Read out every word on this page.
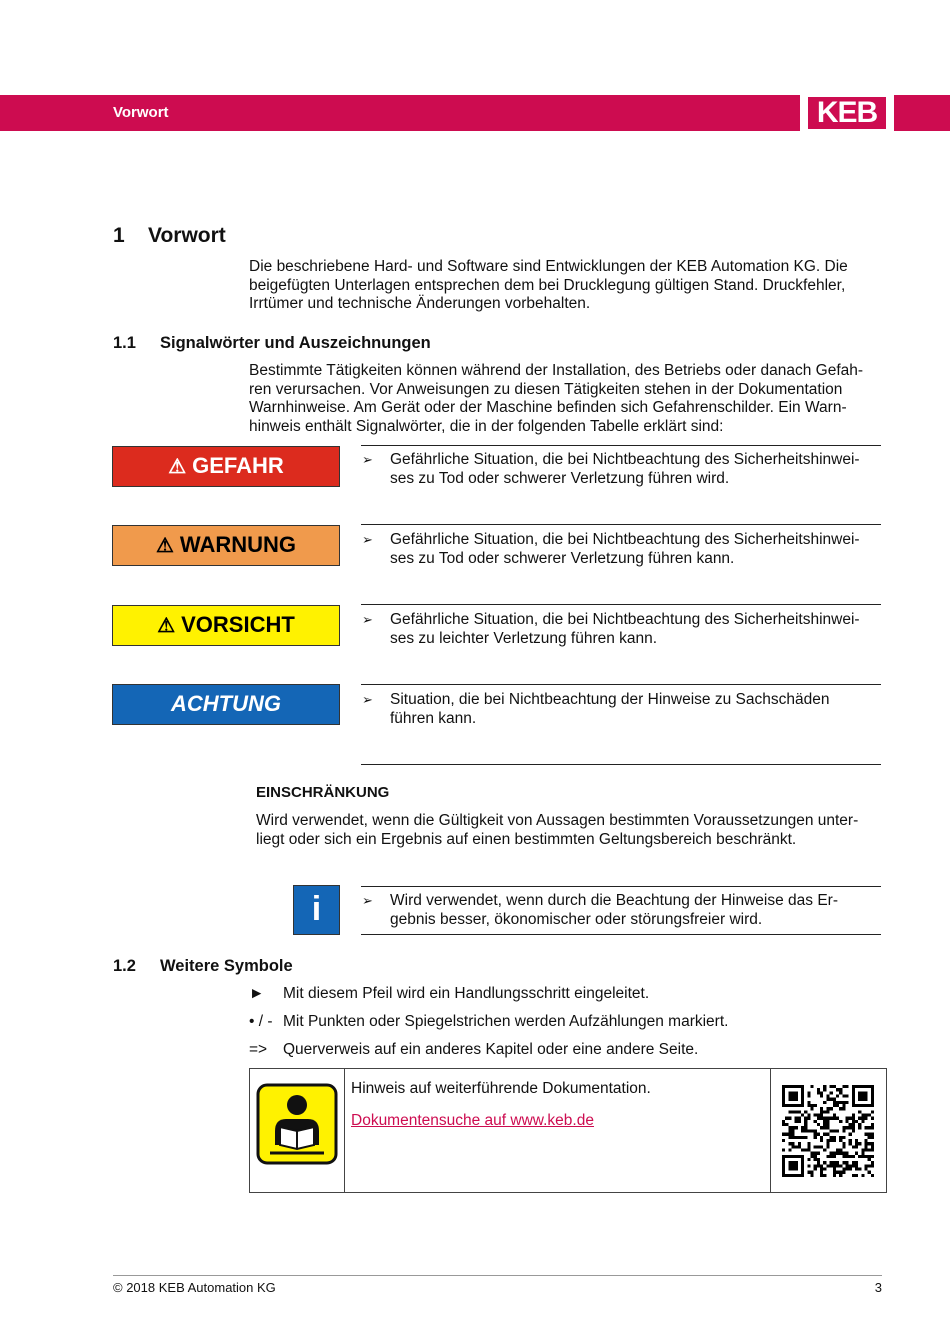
Vorwort	KEB
1 Vorwort
Die beschriebene Hard- und Software sind Entwicklungen der KEB Automation KG. Die
beigefügten Unterlagen entsprechen dem bei Drucklegung gültigen Stand. Druckfehler,
Irrtümer und technische Änderungen vorbehalten.
1.1 Signalwörter und Auszeichnungen
Bestimmte Tätigkeiten können während der Installation, des Betriebs oder danach Gefah-
ren verursachen. Vor Anweisungen zu diesen Tätigkeiten stehen in der Dokumentation
Warnhinweise. Am Gerät oder der Maschine befinden sich Gefahrenschilder. Ein Warn-
hinweis enthält Signalwörter, die in der folgenden Tabelle erklärt sind:
⚠ GEFAHR	➢	Gefährliche Situation, die bei Nichtbeachtung des Sicherheitshinwei-
ses zu Tod oder schwerer Verletzung führen wird.
⚠ WARNUNG	➢	Gefährliche Situation, die bei Nichtbeachtung des Sicherheitshinwei-
ses zu Tod oder schwerer Verletzung führen kann.
⚠ VORSICHT	➢	Gefährliche Situation, die bei Nichtbeachtung des Sicherheitshinwei-
ses zu leichter Verletzung führen kann.
ACHTUNG	➢	Situation, die bei Nichtbeachtung der Hinweise zu Sachschäden
führen kann.
EINSCHRÄNKUNG
Wird verwendet, wenn die Gültigkeit von Aussagen bestimmten Voraussetzungen unter-
liegt oder sich ein Ergebnis auf einen bestimmten Geltungsbereich beschränkt.
i	➢	Wird verwendet, wenn durch die Beachtung der Hinweise das Er-
gebnis besser, ökonomischer oder störungsfreier wird.
1.2 Weitere Symbole
► Mit diesem Pfeil wird ein Handlungsschritt eingeleitet.
• / - Mit Punkten oder Spiegelstrichen werden Aufzählungen markiert.
=> Querverweis auf ein anderes Kapitel oder eine andere Seite.
Hinweis auf weiterführende Dokumentation.
Dokumentensuche auf www.keb.de
© 2018 KEB Automation KG	3
